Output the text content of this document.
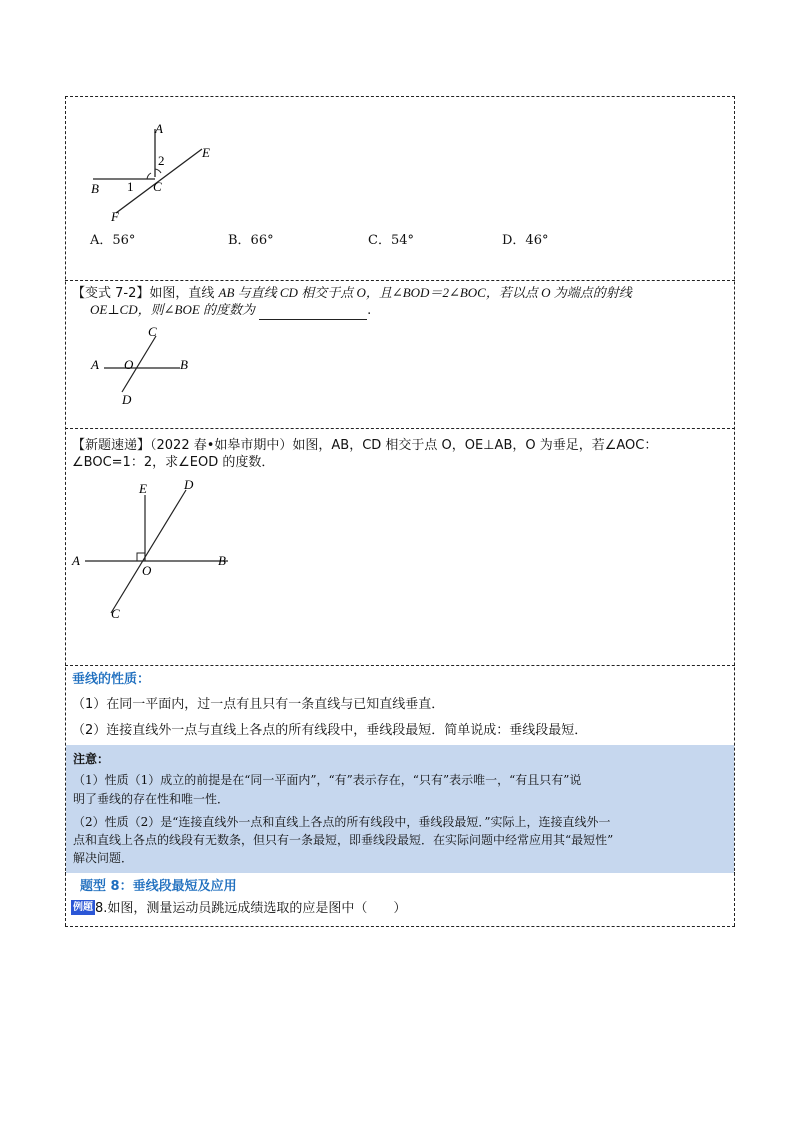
A
E
2
B 1 C
F
A．56°	B．66°	C．54°	D．46°
【变式 7-2】如图，直线 AB 与直线 CD 相交于点 O，且∠BOD＝2∠BOC，若以点 O 为端点的射线
OE⊥CD，则∠BOE 的度数为	.
C
A O	B
D
【新题速递】（2022 春•如皋市期中）如图，AB，CD 相交于点 O，OE⊥AB，O 为垂足，若∠AOC：
∠BOC=1：2，求∠EOD 的度数．
E	D
A
O
B
C
垂线的性质：
（1）在同一平面内，过一点有且只有一条直线与已知直线垂直．
（2）连接直线外一点与直线上各点的所有线段中，垂线段最短．简单说成：垂线段最短．
注意：
（1）性质（1）成立的前提是在“同一平面内”，“有”表示存在，“只有”表示唯一，“有且只有”说
明了垂线的存在性和唯一性．
（2）性质（2）是“连接直线外一点和直线上各点的所有线段中，垂线段最短．”实际上，连接直线外一
点和直线上各点的线段有无数条，但只有一条最短，即垂线段最短．在实际问题中经常应用其“最短性”
解决问题．
题型 8：垂线段最短及应用
例题 8.如图，测量运动员跳远成绩选取的应是图中（　　）
